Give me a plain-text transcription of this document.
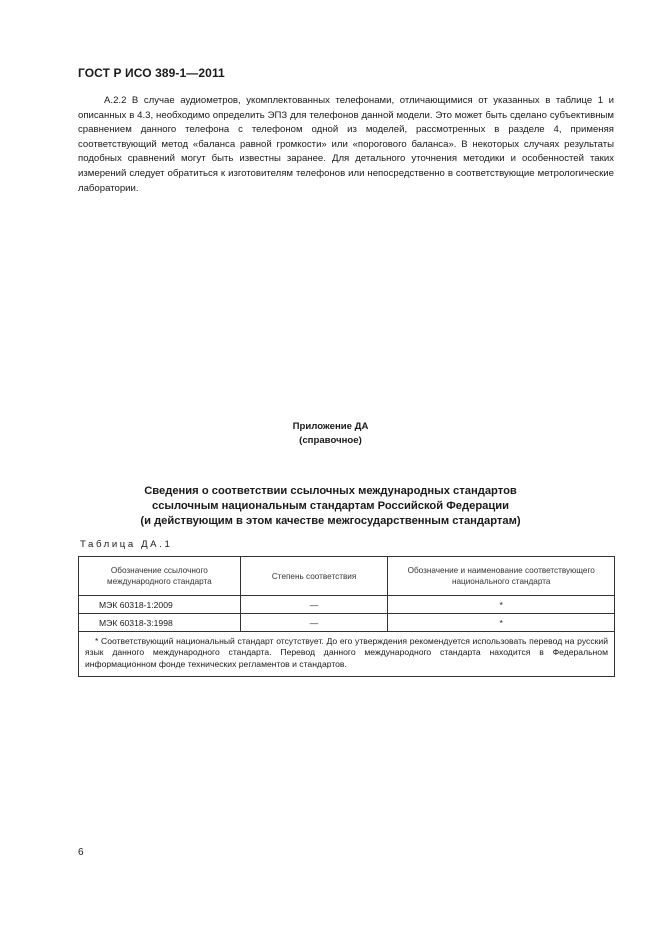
ГОСТ Р ИСО 389-1—2011

А.2.2 В случае аудиометров, укомплектованных телефонами, отличающимися от указанных в таблице 1 и описанных в 4.3, необходимо определить ЭПЗ для телефонов данной модели. Это может быть сделано субъективным сравнением данного телефона с телефоном одной из моделей, рассмотренных в разделе 4, применяя соответствующий метод «баланса равной громкости» или «порогового баланса». В некоторых случаях результаты подобных сравнений могут быть известны заранее. Для детального уточнения методики и особенностей таких измерений следует обратиться к изготовителям телефонов или непосредственно в соответствующие метрологические лаборатории.

Приложение ДА
(справочное)
Сведения о соответствии ссылочных международных стандартов
ссылочным национальным стандартам Российской Федерации
(и действующим в этом качестве межгосударственным стандартам)
Таблица ДА.1
Обозначение ссылочного международного стандарта	Степень соответствия	Обозначение и наименование соответствующего национального стандарта

МЭК 60318-1:2009	—	*
МЭК 60318-3:1998	—	*
* Соответствующий национальный стандарт отсутствует. До его утверждения рекомендуется использовать перевод на русский язык данного международного стандарта. Перевод данного международного стандарта находится в Федеральном информационном фонде технических регламентов и стандартов.		
6
